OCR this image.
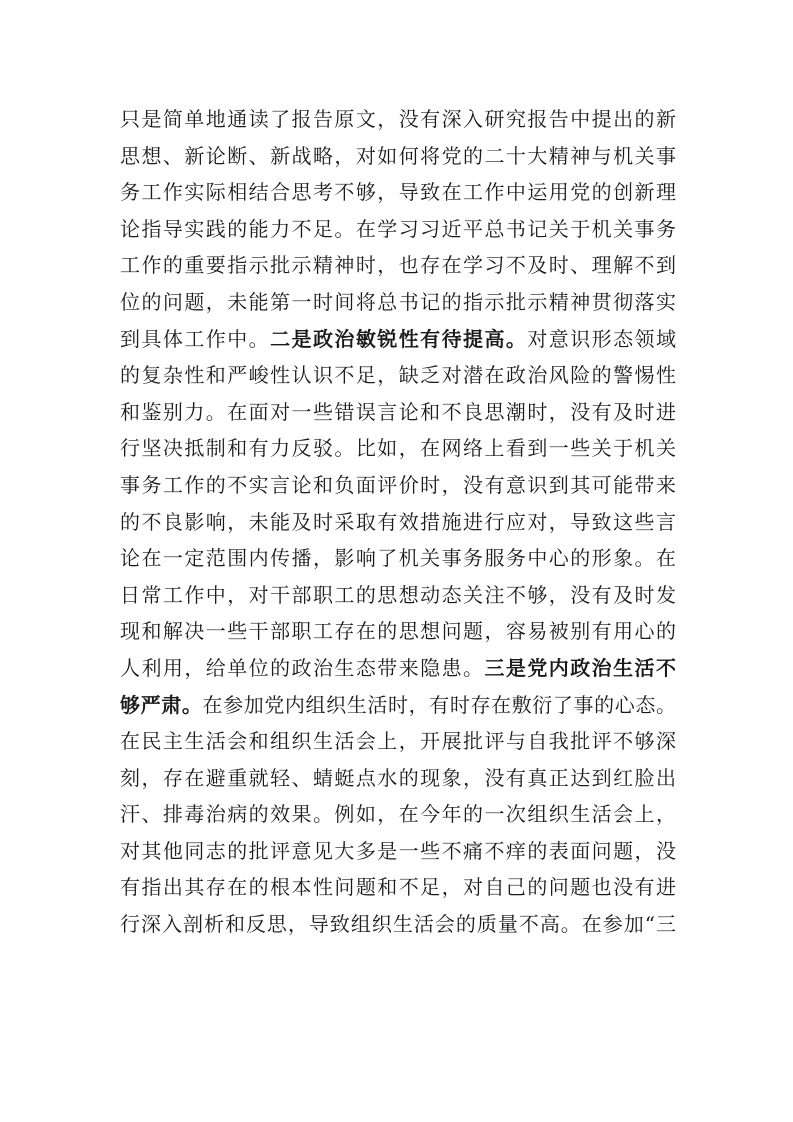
只是简单地通读了报告原文，没有深入研究报告中提出的新
思想、新论断、新战略，对如何将党的二十大精神与机关事
务工作实际相结合思考不够，导致在工作中运用党的创新理
论指导实践的能力不足。在学习习近平总书记关于机关事务
工作的重要指示批示精神时，也存在学习不及时、理解不到
位的问题，未能第一时间将总书记的指示批示精神贯彻落实
到具体工作中。二是政治敏锐性有待提高。对意识形态领域
的复杂性和严峻性认识不足，缺乏对潜在政治风险的警惕性
和鉴别力。在面对一些错误言论和不良思潮时，没有及时进
行坚决抵制和有力反驳。比如，在网络上看到一些关于机关
事务工作的不实言论和负面评价时，没有意识到其可能带来
的不良影响，未能及时采取有效措施进行应对，导致这些言
论在一定范围内传播，影响了机关事务服务中心的形象。在
日常工作中，对干部职工的思想动态关注不够，没有及时发
现和解决一些干部职工存在的思想问题，容易被别有用心的
人利用，给单位的政治生态带来隐患。三是党内政治生活不
够严肃。在参加党内组织生活时，有时存在敷衍了事的心态。
在民主生活会和组织生活会上，开展批评与自我批评不够深
刻，存在避重就轻、蜻蜓点水的现象，没有真正达到红脸出
汗、排毒治病的效果。例如，在今年的一次组织生活会上，
对其他同志的批评意见大多是一些不痛不痒的表面问题，没
有指出其存在的根本性问题和不足，对自己的问题也没有进
行深入剖析和反思，导致组织生活会的质量不高。在参加“三
